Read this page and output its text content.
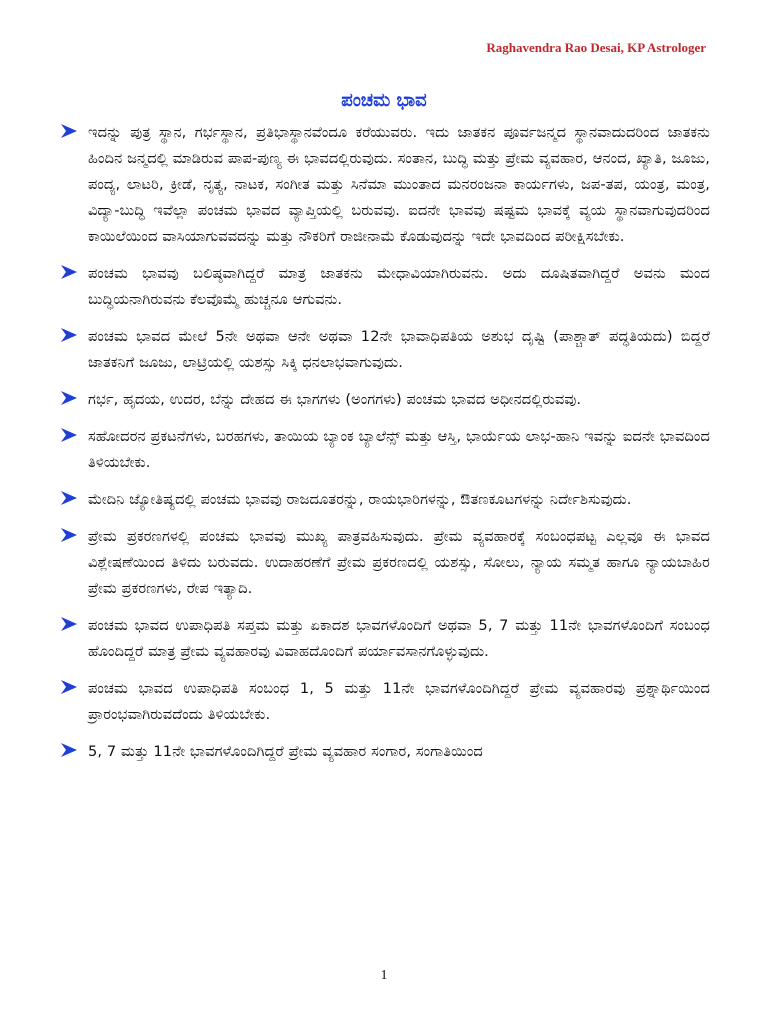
Raghavendra Rao Desai, KP Astrologer
ಪಂಚಮ ಭಾವ
ಇದನ್ನು ಪುತ್ರ ಸ್ಥಾನ, ಗರ್ಭಸ್ಥಾನ, ಪ್ರತಿಭಾಸ್ಥಾನವೆಂದೂ ಕರೆಯುವರು. ಇದು ಜಾತಕನ ಪೂರ್ವಜನ್ಮದ ಸ್ಥಾನವಾದುದರಿಂದ ಜಾತಕನು ಹಿಂದಿನ ಜನ್ಮದಲ್ಲಿ ಮಾಡಿರುವ ಪಾಪ-ಪುಣ್ಯ ಈ ಭಾವದಲ್ಲಿರುವುದು. ಸಂತಾನ, ಬುದ್ಧಿ ಮತ್ತು ಪ್ರೇಮ ವ್ಯವಹಾರ, ಆನಂದ, ಖ್ಯಾತಿ, ಜೂಜು, ಪಂದ್ಯ, ಲಾಟರಿ, ಕ್ರೀಡೆ, ನೃತ್ಯ, ನಾಟಕ, ಸಂಗೀತ ಮತ್ತು ಸಿನೆಮಾ ಮುಂತಾದ ಮನರಂಜನಾ ಕಾರ್ಯಗಳು, ಜಪ-ತಪ, ಯಂತ್ರ, ಮಂತ್ರ, ವಿದ್ಯಾ-ಬುದ್ಧಿ ಇವೆಲ್ಲಾ ಪಂಚಮ ಭಾವದ ವ್ಯಾಪ್ತಿಯಲ್ಲಿ ಬರುವವು. ಐದನೇ ಭಾವವು ಷಷ್ಟಮ ಭಾವಕ್ಕೆ ವ್ಯಯ ಸ್ಥಾನವಾಗುವುದರಿಂದ ಕಾಯಿಲೆಯಿಂದ ವಾಸಿಯಾಗುವವದನ್ನು ಮತ್ತು ನೌಕರಿಗೆ ರಾಜೀನಾಮೆ ಕೊಡುವುದನ್ನು ಇದೇ ಭಾವದಿಂದ ಪರೀಕ್ಷಿಸಬೇಕು.
ಪಂಚಮ ಭಾವವು ಬಲಿಷ್ಠವಾಗಿದ್ದರೆ ಮಾತ್ರ ಜಾತಕನು ಮೇಧಾವಿಯಾಗಿರುವನು. ಅದು ದೂಷಿತವಾಗಿದ್ದರೆ ಅವನು ಮಂದ ಬುದ್ಧಿಯನಾಗಿರುವನು ಕೆಲವೊಮ್ಮೆ ಹುಚ್ಚನೂ ಆಗುವನು.
ಪಂಚಮ ಭಾವದ ಮೇಲೆ 5ನೇ ಅಥವಾ ಆನೇ ಅಥವಾ 12ನೇ ಭಾವಾಧಿಪತಿಯ ಅಶುಭ ದೃಷ್ಟಿ (ಪಾಶ್ಚಾತ್ ಪದ್ಧತಿಯದು) ಬಿದ್ದರೆ ಜಾತಕನಿಗೆ ಜೂಜು, ಲಾಟ್ರಿಯಲ್ಲಿ ಯಶಸ್ಸು ಸಿಕ್ಕಿ ಧನಲಾಭವಾಗುವುದು.
ಗರ್ಭ, ಹೃದಯ, ಉದರ, ಬೆನ್ನು ದೇಹದ ಈ ಭಾಗಗಳು (ಅಂಗಗಳು) ಪಂಚಮ ಭಾವದ ಅಧೀನದಲ್ಲಿರುವವು.
ಸಹೋದರನ ಪ್ರಕಟನೆಗಳು, ಬರಹಗಳು, ತಾಯಿಯ ಬ್ಯಾಂಕ ಬ್ಯಾಲೆನ್ಸ್ ಮತ್ತು ಆಸ್ತಿ, ಭಾರ್ಯೆಯ ಲಾಭ-ಹಾನಿ ಇವನ್ನು ಐದನೇ ಭಾವದಿಂದ ತಿಳಿಯಬೇಕು.
ಮೇದಿನಿ ಜ್ಯೋತಿಷ್ಯದಲ್ಲಿ ಪಂಚಮ ಭಾವವು ರಾಜದೂತರನ್ನು, ರಾಯಭಾರಿಗಳನ್ನು, ಔತಣಕೂಟಗಳನ್ನು ನಿರ್ದೇಶಿಸುವುದು.
ಪ್ರೇಮ ಪ್ರಕರಣಗಳಲ್ಲಿ ಪಂಚಮ ಭಾವವು ಮುಖ್ಯ ಪಾತ್ರವಹಿಸುವುದು. ಪ್ರೇಮ ವ್ಯವಹಾರಕ್ಕೆ ಸಂಬಂಧಪಟ್ಟ ಎಲ್ಲವೂ ಈ ಭಾವದ ವಿಶ್ಲೇಷಣೆಯಿಂದ ತಿಳಿದು ಬರುವದು. ಉದಾಹರಣೆಗೆ ಪ್ರೇಮ ಪ್ರಕರಣದಲ್ಲಿ ಯಶಸ್ಸು, ಸೋಲು, ನ್ಯಾಯ ಸಮ್ಮತ ಹಾಗೂ ನ್ಯಾಯಬಾಹಿರ ಪ್ರೇಮ ಪ್ರಕರಣಗಳು, ರೇಪ ಇತ್ಯಾದಿ.
ಪಂಚಮ ಭಾವದ ಉಪಾಧಿಪತಿ ಸಪ್ತಮ ಮತ್ತು ಏಕಾದಶ ಭಾವಗಳೊಂದಿಗೆ ಅಥವಾ 5, 7 ಮತ್ತು 11ನೇ ಭಾವಗಳೊಂದಿಗೆ ಸಂಬಂಧ ಹೊಂದಿದ್ದರೆ ಮಾತ್ರ ಪ್ರೇಮ ವ್ಯವಹಾರವು ವಿವಾಹದೊಂದಿಗೆ ಪರ್ಯಾವಸಾನಗೊಳ್ಳುವುದು.
ಪಂಚಮ ಭಾವದ ಉಪಾಧಿಪತಿ ಸಂಬಂಧ 1, 5 ಮತ್ತು 11ನೇ ಭಾವಗಳೊಂದಿಗಿದ್ದರೆ ಪ್ರೇಮ ವ್ಯವಹಾರವು ಪ್ರಶ್ನಾರ್ಥಿಯಿಂದ ಪ್ರಾರಂಭವಾಗಿರುವದೆಂದು ತಿಳಿಯಬೇಕು.
5, 7 ಮತ್ತು 11ನೇ ಭಾವಗಳೊಂದಿಗಿದ್ದರೆ ಪ್ರೇಮ ವ್ಯವಹಾರ ಸಂಗಾರ, ಸಂಗಾತಿಯಿಂದ
1
